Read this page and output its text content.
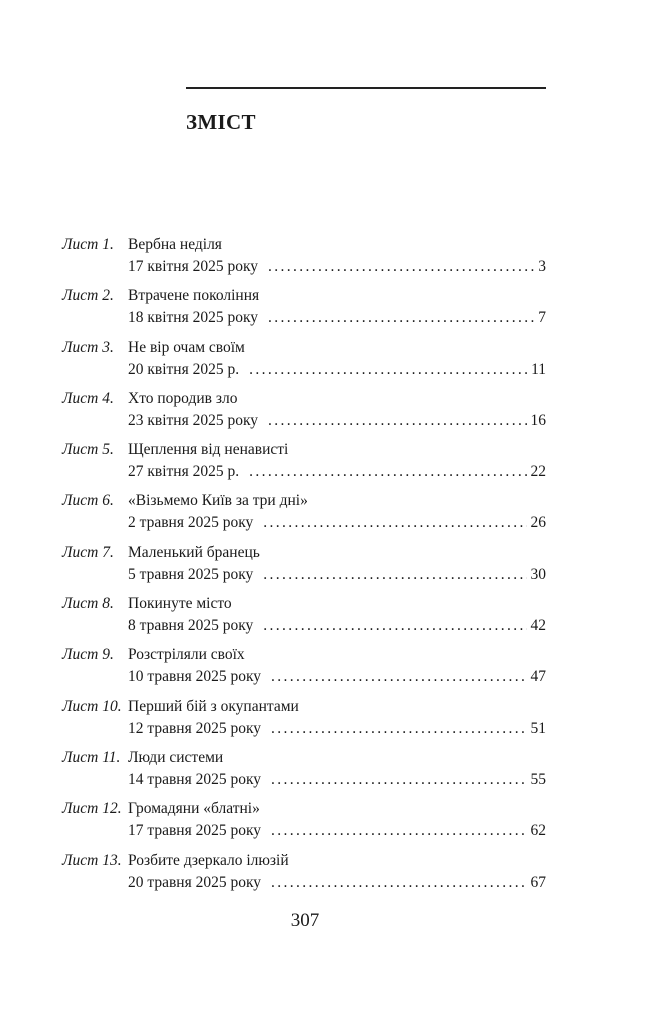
ЗМІСТ
Лист 1. Вербна неділя
17 квітня 2025 року . . .	3
Лист 2. Втрачене покоління
18 квітня 2025 року . . .	7
Лист 3. Не вір очам своїм
20 квітня 2025 р. . . .	11
Лист 4. Хто породив зло
23 квітня 2025 року . . .	16
Лист 5. Щеплення від ненависті
27 квітня 2025 р. . . .	22
Лист 6. «Візьмемо Київ за три дні»
2 травня 2025 року . . .	26
Лист 7. Маленький бранець
5 травня 2025 року . . .	30
Лист 8. Покинуте місто
8 травня 2025 року . . .	42
Лист 9. Розстріляли своїх
10 травня 2025 року . . .	47
Лист 10. Перший бій з окупантами
12 травня 2025 року . . .	51
Лист 11. Люди системи
14 травня 2025 року . . .	55
Лист 12. Громадяни «блатні»
17 травня 2025 року . . .	62
Лист 13. Розбите дзеркало ілюзій
20 травня 2025 року . . .	67
307
